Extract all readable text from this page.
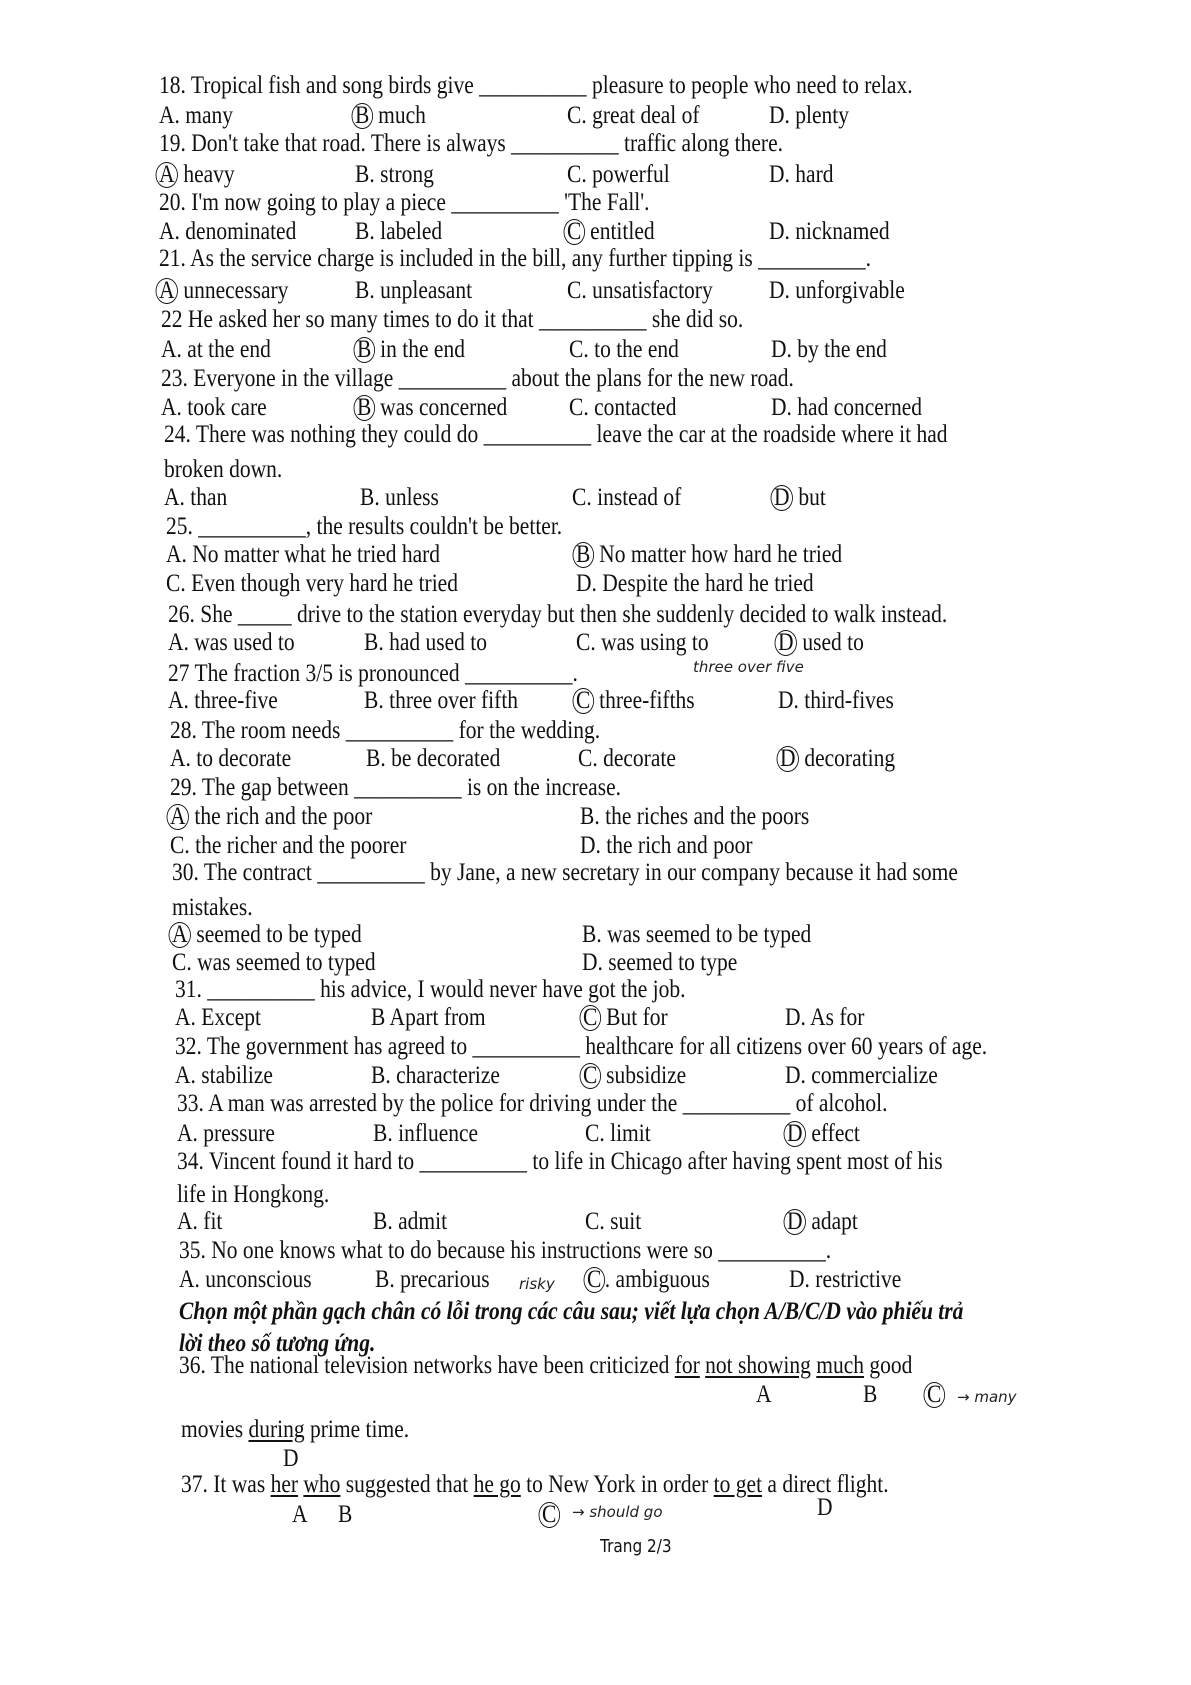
18. Tropical fish and song birds give __________ pleasure to people who need to relax.
A. many	B much	C. great deal of	D. plenty
19. Don't take that road. There is always __________ traffic along there.
A heavy	B. strong	C. powerful	D. hard
20. I'm now going to play a piece __________ 'The Fall'.
A. denominated B. labeled	C entitled	D. nicknamed
21. As the service charge is included in the bill, any further tipping is __________.
A unnecessary	B. unpleasant	C. unsatisfactory D. unforgivable
22 He asked her so many times to do it that __________ she did so.
A. at the end	B in the end	C. to the end	D. by the end
23. Everyone in the village __________ about the plans for the new road.
A. took care	B was concerned C. contacted	D. had concerned
24. There was nothing they could do __________ leave the car at the roadside where it had
broken down.
A. than	B. unless	C. instead of	D but
25. __________, the results couldn't be better.
A. No matter what he tried hard	B No matter how hard he tried
C. Even though very hard he tried	D. Despite the hard he tried
26. She _____ drive to the station everyday but then she suddenly decided to walk instead.
A. was used to	B. had used to	C. was using to	D used to
27 The fraction 3/5 is pronounced __________.
A. three-five	B. three over fifth C three-fifths	D. third-fives
28. The room needs __________ for the wedding.
A. to decorate	B. be decorated	C. decorate	D decorating
29. The gap between __________ is on the increase.
A the rich and the poor	B. the riches and the poors
C. the richer and the poorer	D. the rich and poor
30. The contract __________ by Jane, a new secretary in our company because it had some
mistakes.
A seemed to be typed	B. was seemed to be typed
C. was seemed to typed	D. seemed to type
31. __________ his advice, I would never have got the job.
A. Except	B Apart from	C But for	D. As for
32. The government has agreed to __________ healthcare for all citizens over 60 years of age.
A. stabilize	B. characterize	C subsidize	D. commercialize
33. A man was arrested by the police for driving under the __________ of alcohol.
A. pressure	B. influence	C. limit	D effect
34. Vincent found it hard to __________ to life in Chicago after having spent most of his
life in Hongkong.
A. fit	B. admit	C. suit	D adapt
35. No one knows what to do because his instructions were so __________.
A. unconscious	B. precarious	C . ambiguous	D. restrictive
three over five
risky
Chọn một phần gạch chân có lỗi trong các câu sau; viết lựa chọn A/B/C/D vào phiếu trả
lời theo số tương ứng.
36. The national television networks have been criticized for not showing much good
movies during prime time.
A	B C
D
→ many
37. It was her who suggested that he go to New York in order to get a direct flight.
A B	C	D
→ should go
Trang 2/3
